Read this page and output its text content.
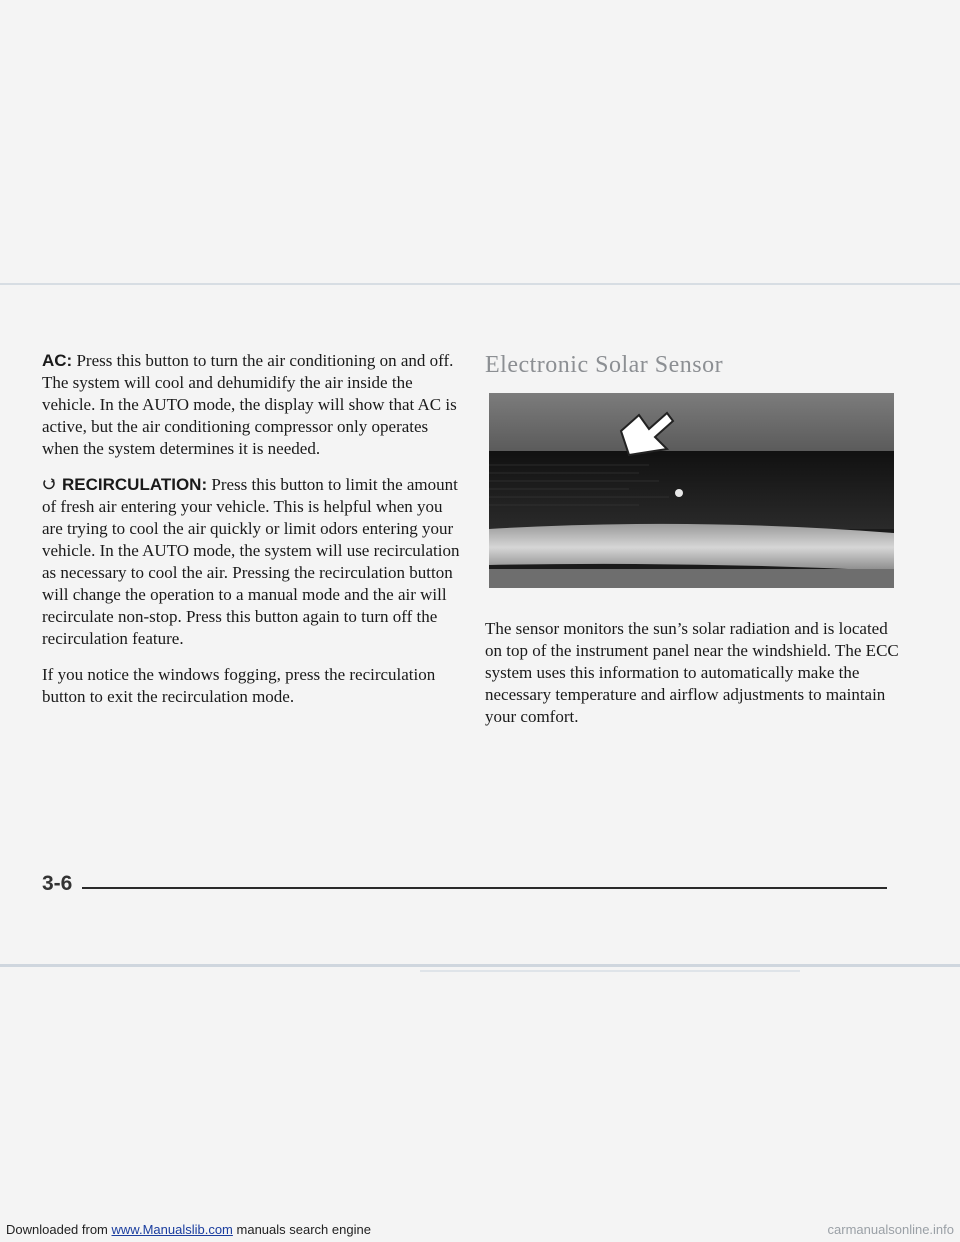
AC: Press this button to turn the air conditioning on and off. The system will cool and dehumidify the air inside the vehicle. In the AUTO mode, the display will show that AC is active, but the air conditioning compressor only operates when the system determines it is needed.

RECIRCULATION: Press this button to limit the amount of fresh air entering your vehicle. This is helpful when you are trying to cool the air quickly or limit odors entering your vehicle. In the AUTO mode, the system will use recirculation as necessary to cool the air. Pressing the recirculation button will change the operation to a manual mode and the air will recirculate non-stop. Press this button again to turn off the recirculation feature.

If you notice the windows fogging, press the recirculation button to exit the recirculation mode.

Electronic Solar Sensor

The sensor monitors the sun’s solar radiation and is located on top of the instrument panel near the windshield. The ECC system uses this information to automatically make the necessary temperature and airflow adjustments to maintain your comfort.

3-6
Downloaded from www.Manualslib.com manuals search engine	carmanualsonline.info
